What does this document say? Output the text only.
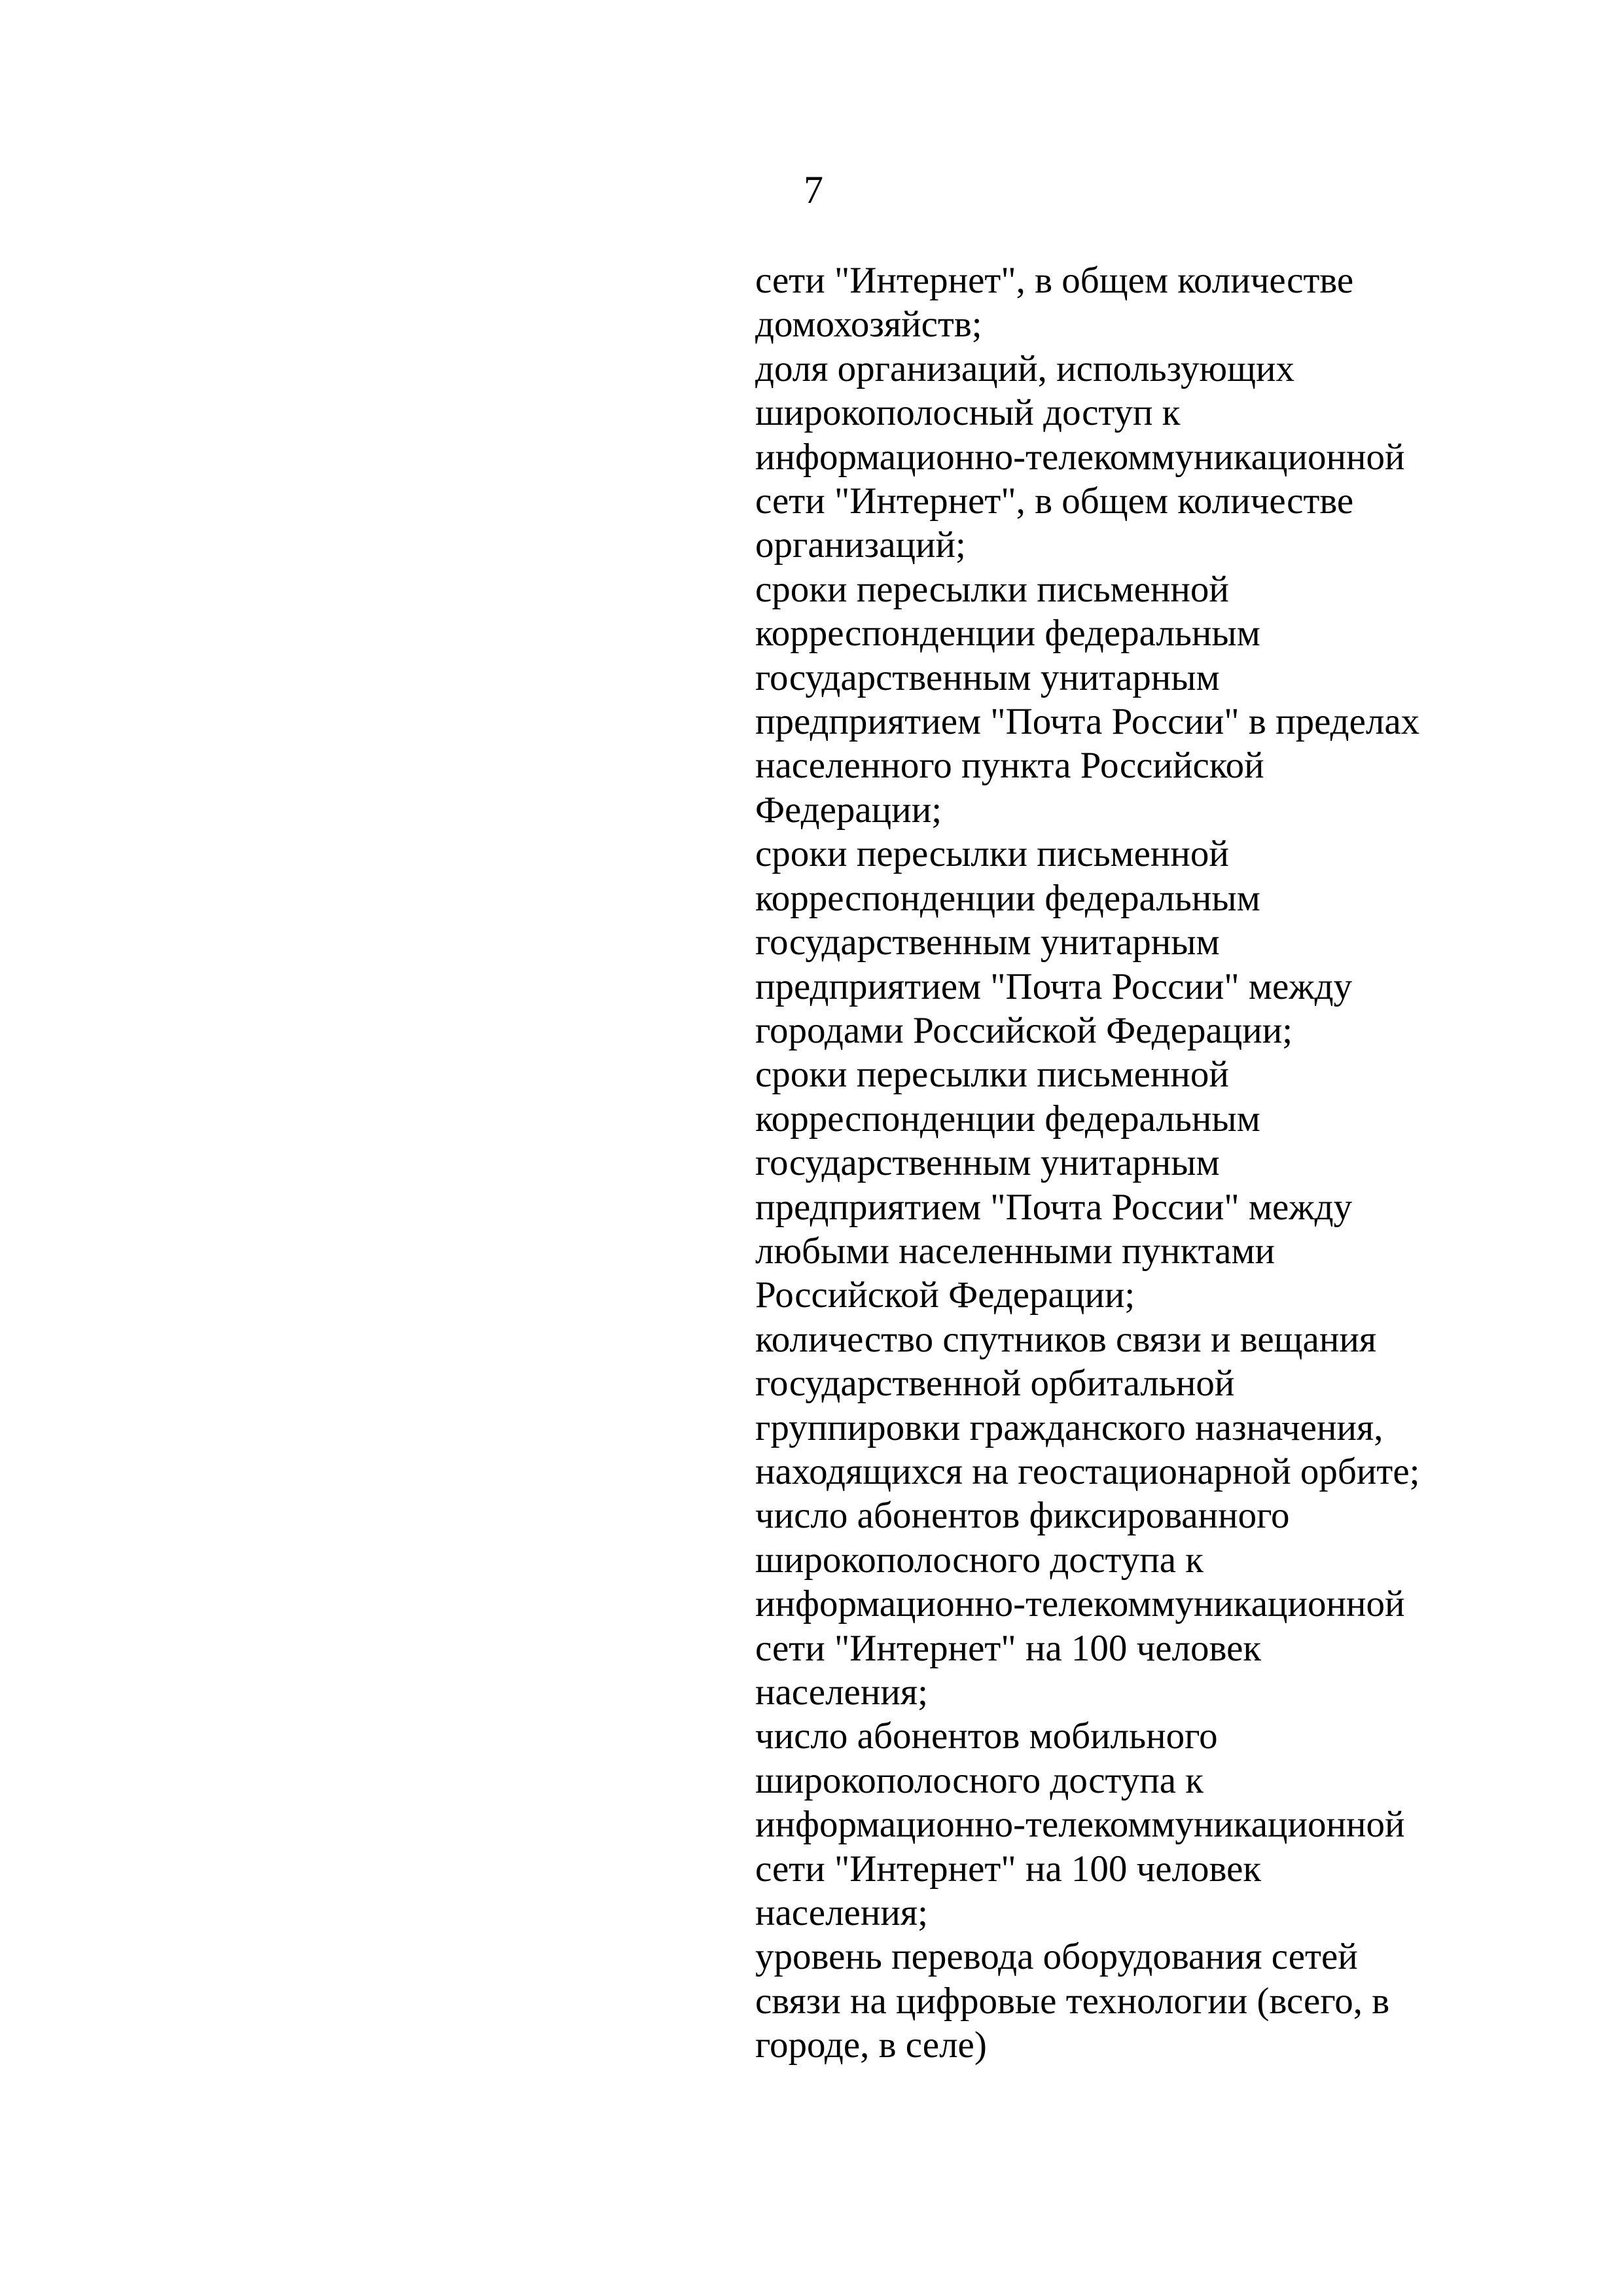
7
сети "Интернет", в общем количестве
домохозяйств;
доля организаций, использующих
широкополосный доступ к
информационно-телекоммуникационной
сети "Интернет", в общем количестве
организаций;
сроки пересылки письменной
корреспонденции федеральным
государственным унитарным
предприятием "Почта России" в пределах
населенного пункта Российской
Федерации;
сроки пересылки письменной
корреспонденции федеральным
государственным унитарным
предприятием "Почта России" между
городами Российской Федерации;
сроки пересылки письменной
корреспонденции федеральным
государственным унитарным
предприятием "Почта России" между
любыми населенными пунктами
Российской Федерации;
количество спутников связи и вещания
государственной орбитальной
группировки гражданского назначения,
находящихся на геостационарной орбите;
число абонентов фиксированного
широкополосного доступа к
информационно-телекоммуникационной
сети "Интернет" на 100 человек
населения;
число абонентов мобильного
широкополосного доступа к
информационно-телекоммуникационной
сети "Интернет" на 100 человек
населения;
уровень перевода оборудования сетей
связи на цифровые технологии (всего, в
городе, в селе)
